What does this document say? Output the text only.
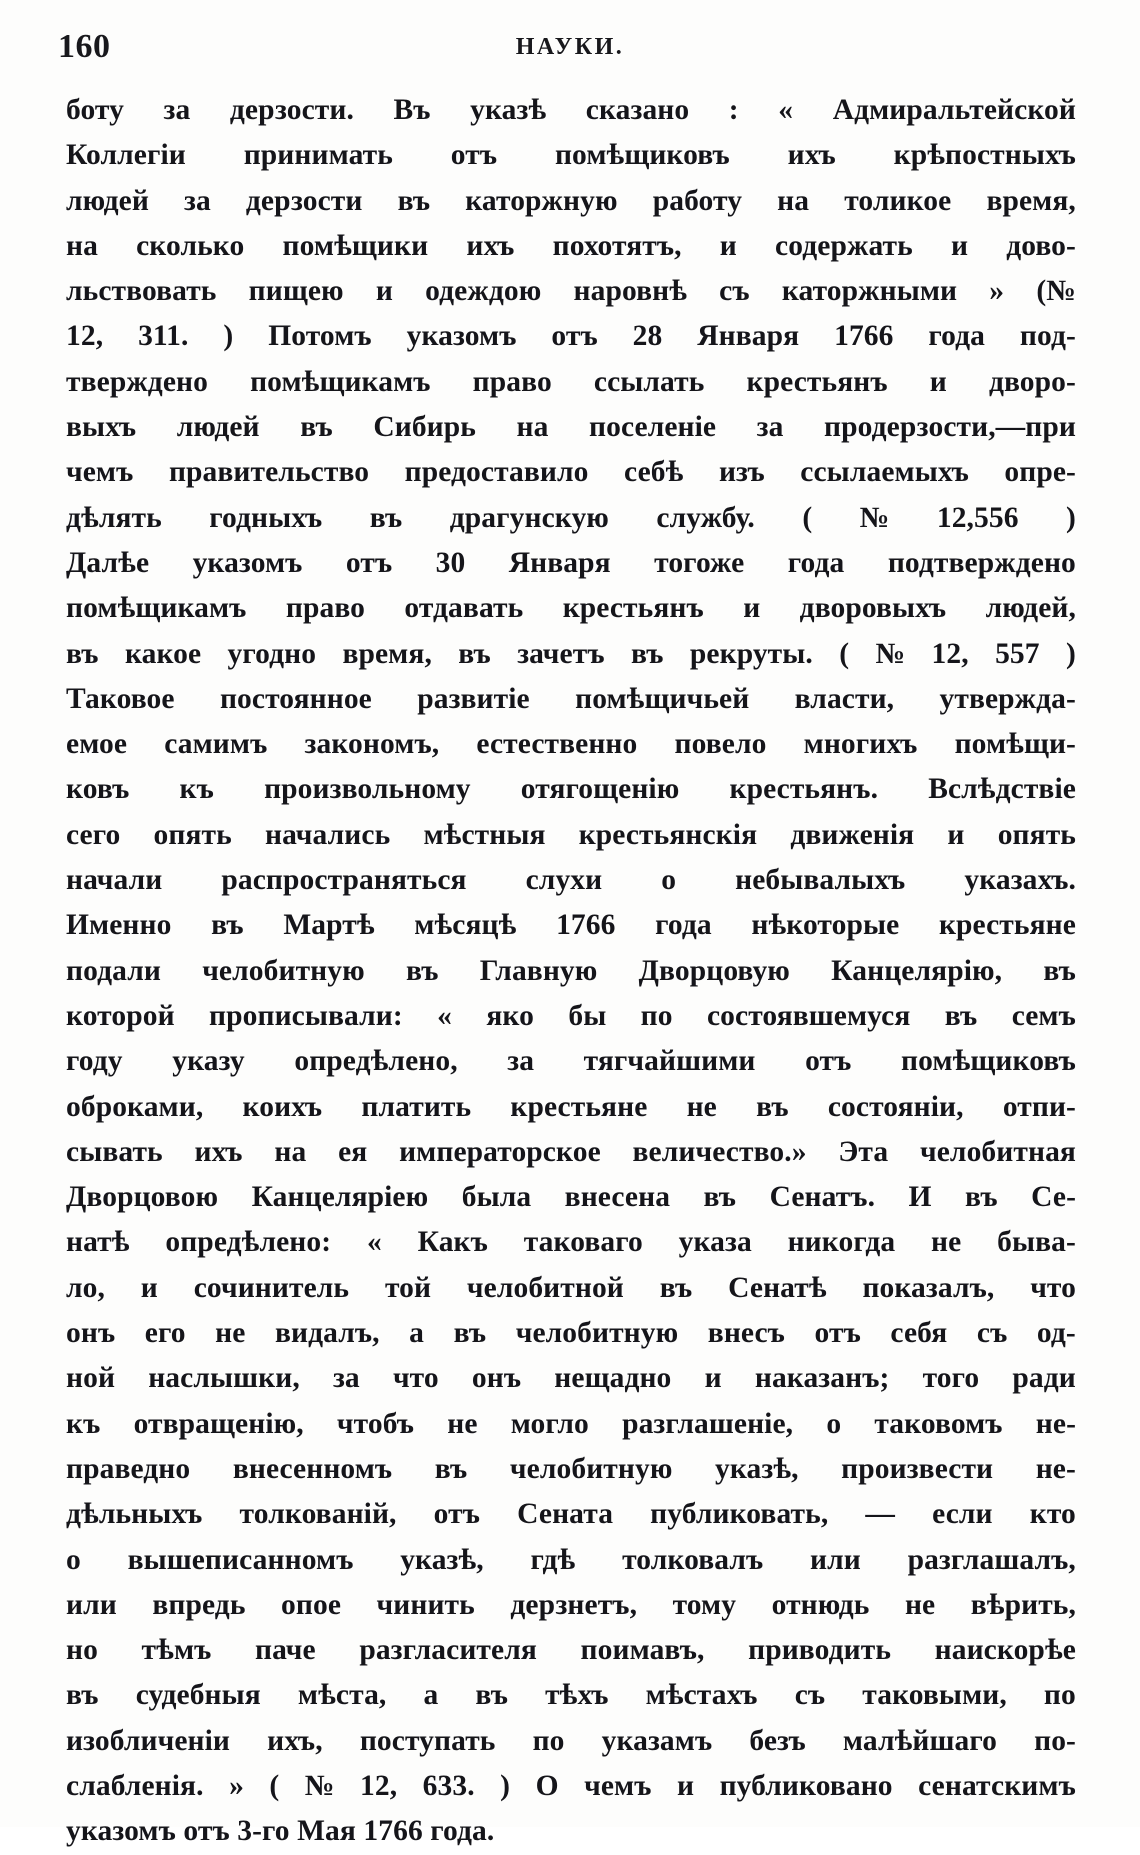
160	НАУКИ.

боту за дерзости. Въ указѣ сказано : « Адмиральтейской
Коллегіи принимать отъ помѣщиковъ ихъ крѣпостныхъ
людей за дерзости въ каторжную работу на толикое время,
на сколько помѣщики ихъ похотятъ, и содержать и дово-
льствовать пищею и одеждою наровнѣ съ каторжными » (№
12, 311. ) Потомъ указомъ отъ 28 Января 1766 года под-
тверждено помѣщикамъ право ссылать крестьянъ и дворо-
выхъ людей въ Сибирь на поселеніе за продерзости,—при
чемъ правительство предоставило себѣ изъ ссылаемыхъ опре-
дѣлять годныхъ въ драгунскую службу. ( № 12,556 )
Далѣе указомъ отъ 30 Января тогоже года подтверждено
помѣщикамъ право отдавать крестьянъ и дворовыхъ людей,
въ какое угодно время, въ зачетъ въ рекруты. ( № 12, 557 )
Таковое постоянное развитіе помѣщичьей власти, утвержда-
емое самимъ закономъ, естественно повело многихъ помѣщи-
ковъ къ произвольному отягощенію крестьянъ. Вслѣдствіе
сего опять начались мѣстныя крестьянскія движенія и опять
начали распространяться слухи о небывалыхъ указахъ.
Именно въ Мартѣ мѣсяцѣ 1766 года нѣкоторые крестьяне
подали челобитную въ Главную Дворцовую Канцелярію, въ
которой прописывали: « яко бы по состоявшемуся въ семъ
году указу опредѣлено, за тягчайшими отъ помѣщиковъ
оброками, коихъ платить крестьяне не въ состояніи, отпи-
сывать ихъ на ея императорское величество.» Эта челобитная
Дворцовою Канцеляріею была внесена въ Сенатъ. И въ Се-
натѣ опредѣлено: « Какъ таковаго указа никогда не быва-
ло, и сочинитель той челобитной въ Сенатѣ показалъ, что
онъ его не видалъ, а въ челобитную внесъ отъ себя съ од-
ной наслышки, за что онъ нещадно и наказанъ; того ради
къ отвращенію, чтобъ не могло разглашеніе, о таковомъ не-
праведно внесенномъ въ челобитную указѣ, произвести не-
дѣльныхъ толкованій, отъ Сената публиковать, — если кто
о вышеписанномъ указѣ, гдѣ толковалъ или разглашалъ,
или впредь опое чинить дерзнетъ, тому отнюдь не вѣрить,
но тѣмъ паче разгласителя поимавъ, приводить наискорѣе
въ судебныя мѣста, а въ тѣхъ мѣстахъ съ таковыми, по
изобличеніи ихъ, поступать по указамъ безъ малѣйшаго по-
слабленія. » ( № 12, 633. ) О чемъ и публиковано сенатскимъ
указомъ отъ 3-го Мая 1766 года.
